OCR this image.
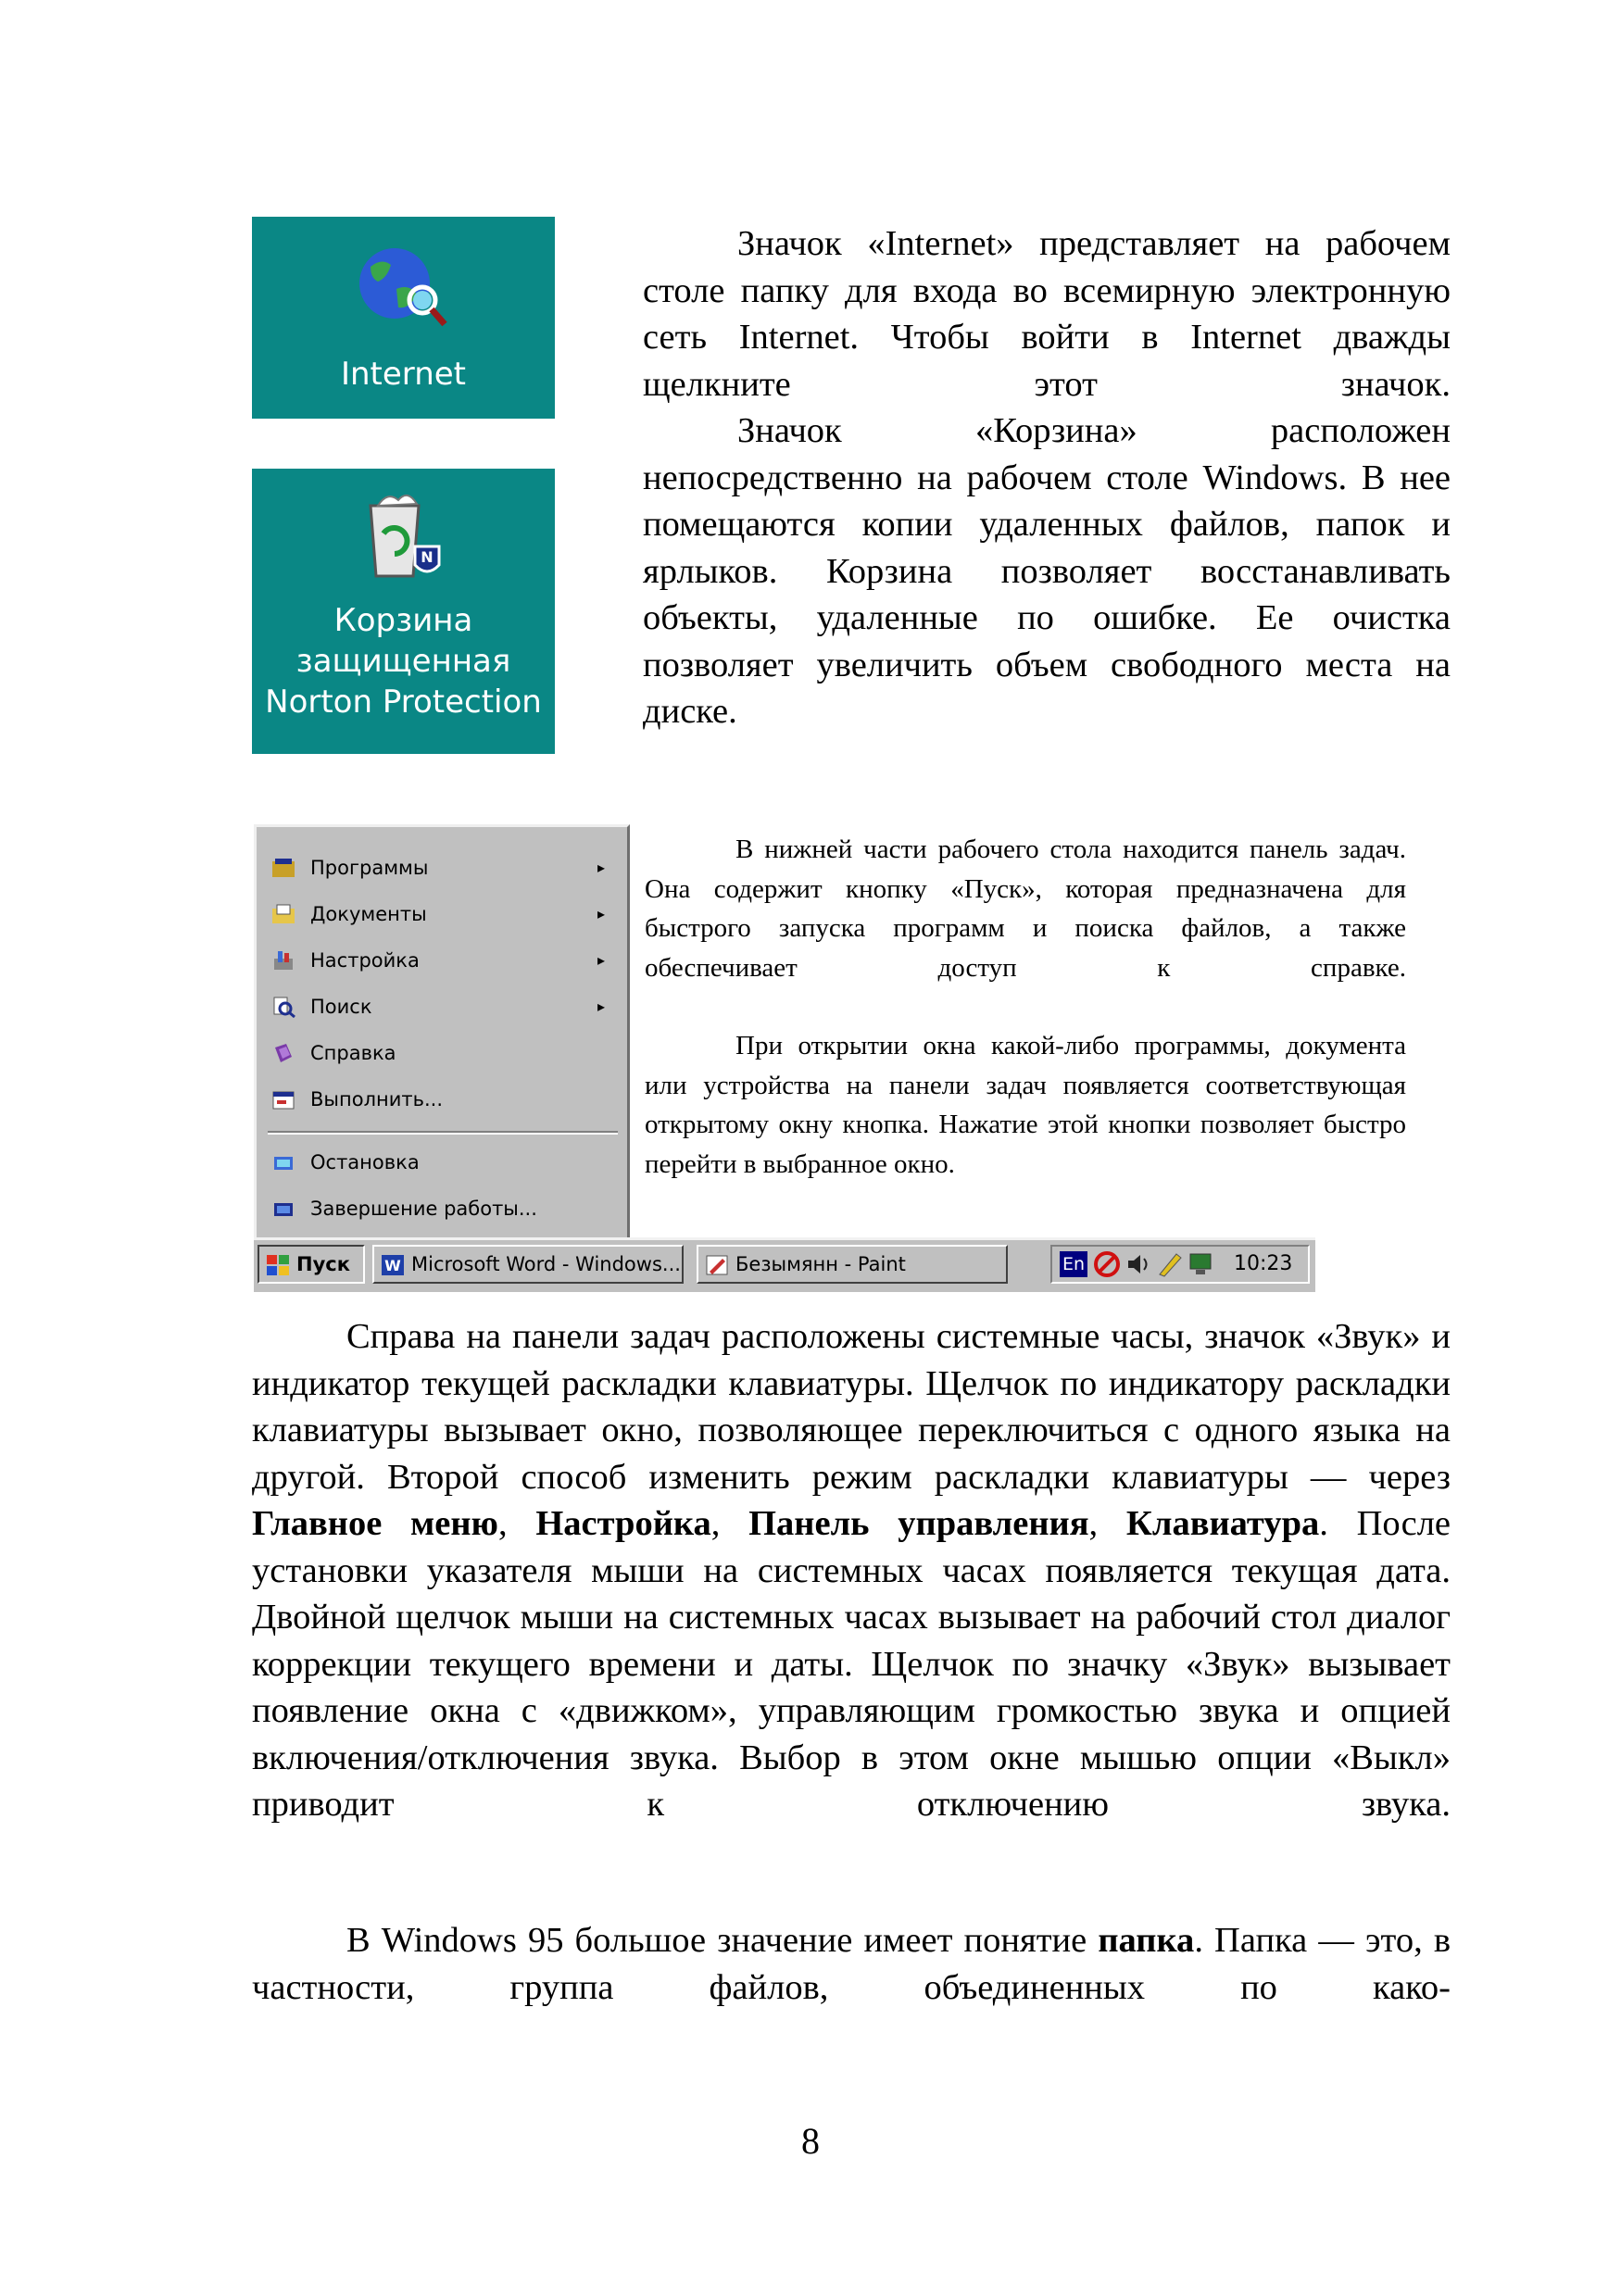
Internet
N
Корзина
защищенная
Norton Protection

Значок «Internet» представляет на рабочем столе папку для входа во всемирную электронную сеть Internet. Чтобы войти в Internet дважды щелкните этот значок.

Значок «Корзина» расположен непосредственно на рабочем столе Windows. В нее помещаются копии удаленных файлов, папок и ярлыков. Корзина позволяет восстанавливать объекты, удаленные по ошибке. Ее очистка позволяет увеличить объем свободного места на диске.

Программы	▸
Документы	▸
Настройка	▸
Поиск	▸
Справка
Выполнить...
Остановка
Завершение работы...

В нижней части рабочего стола находится панель задач. Она содержит кнопку «Пуск», которая предназначена для быстрого запуска программ и поиска файлов, а также обеспечивает доступ к справке.

При открытии окна какой-либо программы, документа или устройства на панели задач появляется соответствующая открытому окну кнопка. Нажатие этой кнопки позволяет быстро перейти в выбранное окно.

Пуск W Microsoft Word - Windows...	Безымянн - Paint	En	10:23

Справа на панели задач расположены системные часы, значок «Звук» и индикатор текущей раскладки клавиатуры. Щелчок по индикатору раскладки клавиатуры вызывает окно, позволяющее переключиться с одного языка на другой. Второй способ изменить режим раскладки клавиатуры — через Главное меню, Настройка, Панель управления, Клавиатура. После установки указателя мыши на системных часах появляется текущая дата. Двойной щелчок мыши на системных часах вызывает на рабочий стол диалог коррекции текущего времени и даты. Щелчок по значку «Звук» вызывает появление окна с «движком», управляющим громкостью звука и опцией включения/отключения звука. Выбор в этом окне мышью опции «Выкл» приводит к отключению звука.

В Windows 95 большое значение имеет понятие папка. Папка — это, в частности, группа файлов, объединенных по како-

8
